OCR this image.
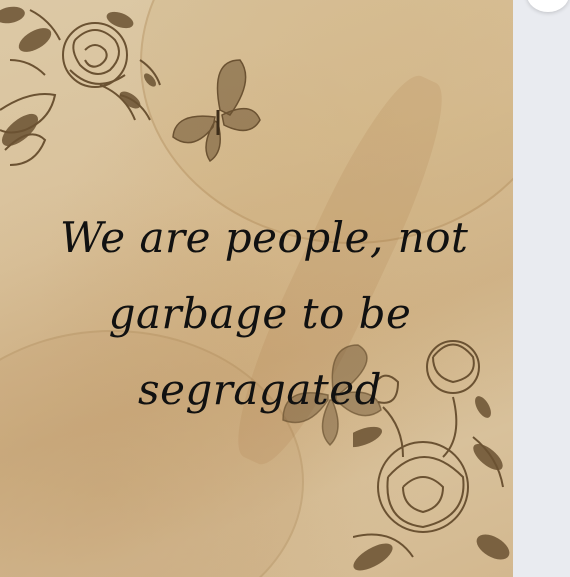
We are people, not
garbage to be
segragated
